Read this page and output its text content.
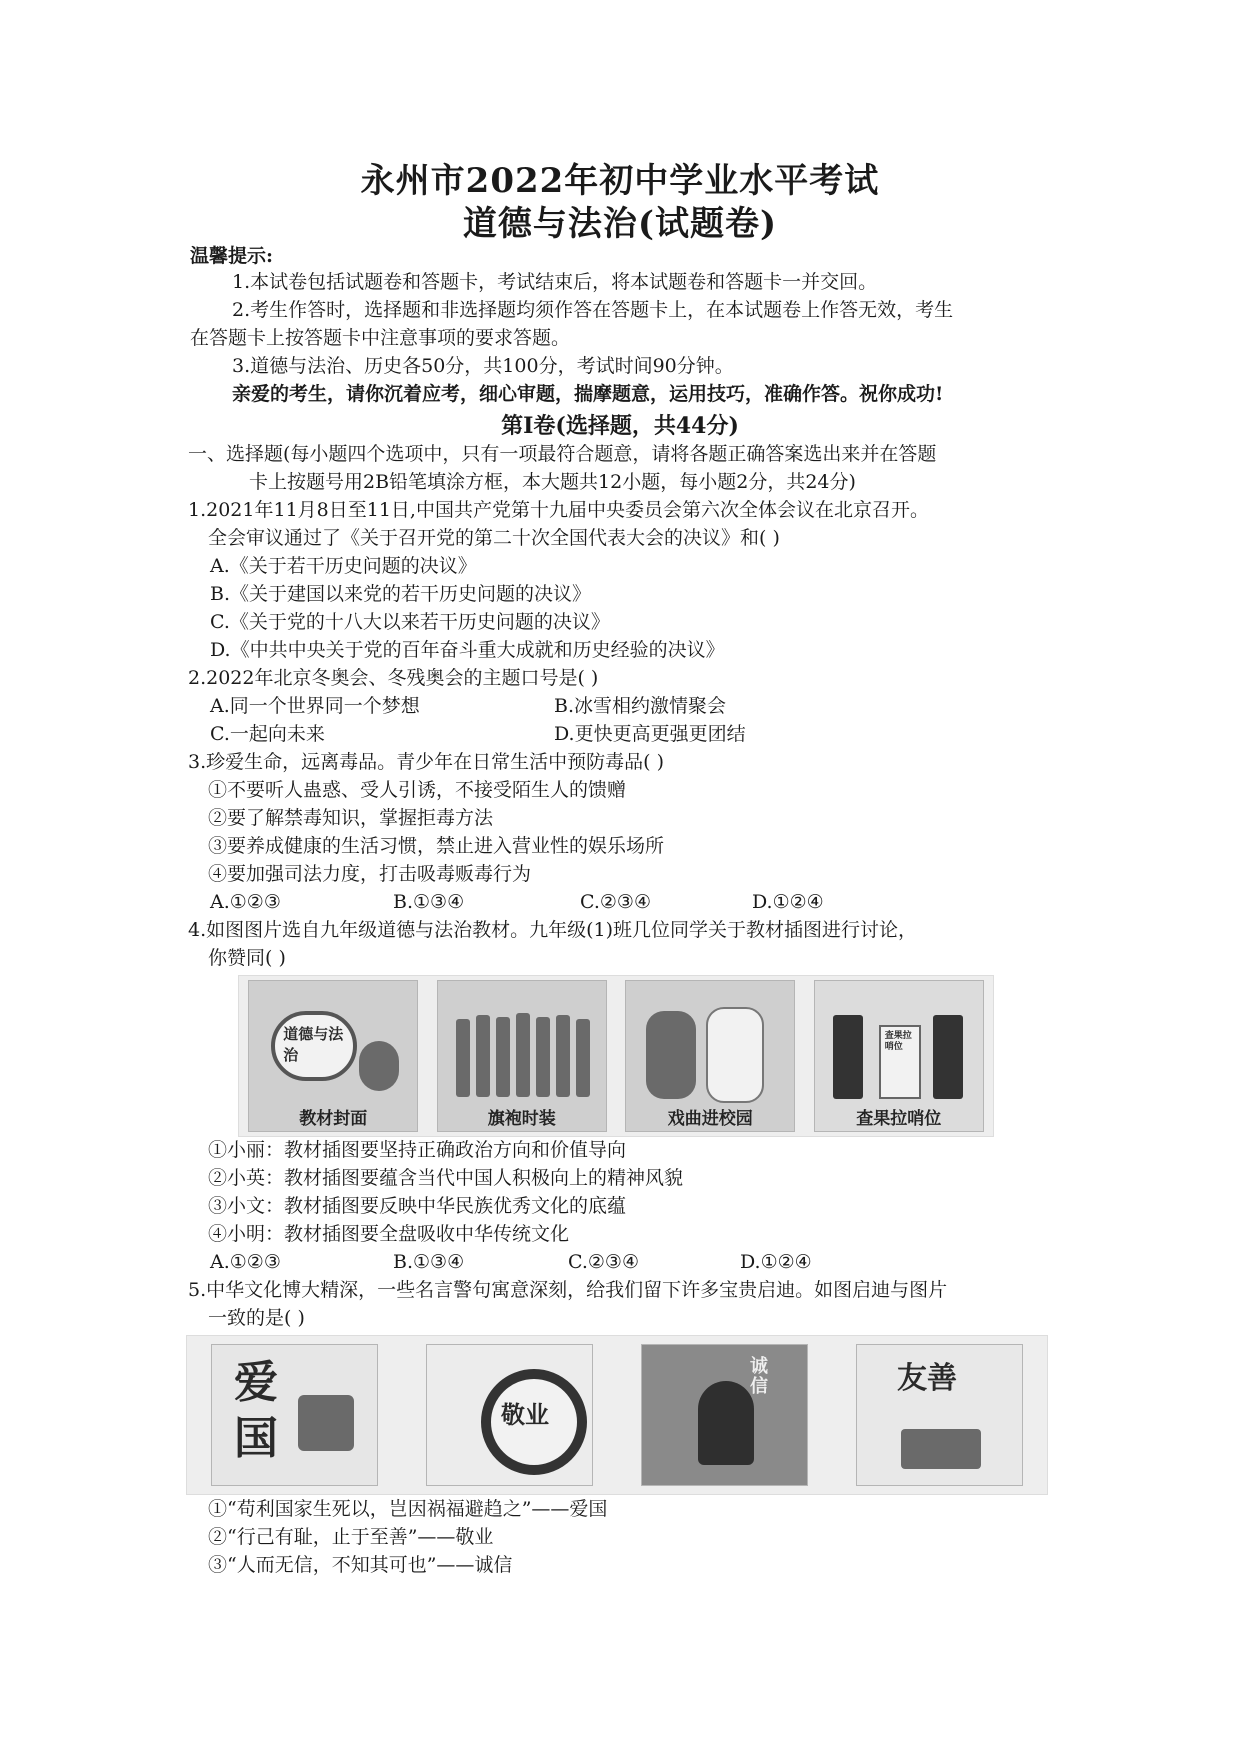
永州市2022年初中学业水平考试
道德与法治(试题卷)
温馨提示:
1.本试卷包括试题卷和答题卡，考试结束后，将本试题卷和答题卡一并交回。
2.考生作答时，选择题和非选择题均须作答在答题卡上，在本试题卷上作答无效，考生
在答题卡上按答题卡中注意事项的要求答题。
3.道德与法治、历史各50分，共100分，考试时间90分钟。
亲爱的考生，请你沉着应考，细心审题，揣摩题意，运用技巧，准确作答。祝你成功!
第Ⅰ卷(选择题，共44分)
一、选择题(每小题四个选项中，只有一项最符合题意，请将各题正确答案选出来并在答题
卡上按题号用2B铅笔填涂方框，本大题共12小题，每小题2分，共24分)
1.2021年11月8日至11日,中国共产党第十九届中央委员会第六次全体会议在北京召开。
全会审议通过了《关于召开党的第二十次全国代表大会的决议》和( )
A.《关于若干历史问题的决议》
B.《关于建国以来党的若干历史问题的决议》
C.《关于党的十八大以来若干历史问题的决议》
D.《中共中央关于党的百年奋斗重大成就和历史经验的决议》
2.2022年北京冬奥会、冬残奥会的主题口号是( )
A.同一个世界同一个梦想	B.冰雪相约激情聚会
C.一起向未来	D.更快更高更强更团结
3.珍爱生命，远离毒品。青少年在日常生活中预防毒品( )
①不要听人蛊惑、受人引诱，不接受陌生人的馈赠
②要了解禁毒知识，掌握拒毒方法
③要养成健康的生活习惯，禁止进入营业性的娱乐场所
④要加强司法力度，打击吸毒贩毒行为
A.①②③	B.①③④	C.②③④	D.①②④
4.如图图片选自九年级道德与法治教材。九年级(1)班几位同学关于教材插图进行讨论，
你赞同( )
道德与法治
教材封面	旗袍时装	戏曲进校园
查果拉哨位
查果拉哨位
①小丽：教材插图要坚持正确政治方向和价值导向
②小英：教材插图要蕴含当代中国人积极向上的精神风貌
③小文：教材插图要反映中华民族优秀文化的底蕴
④小明：教材插图要全盘吸收中华传统文化
A.①②③	B.①③④	C.②③④	D.①②④
5.中华文化博大精深，一些名言警句寓意深刻，给我们留下许多宝贵启迪。如图启迪与图片
一致的是( )
爱国	敬业
诚信	友善
①“苟利国家生死以，岂因祸福避趋之”——爱国
②“行己有耻，止于至善”——敬业
③“人而无信，不知其可也”——诚信
